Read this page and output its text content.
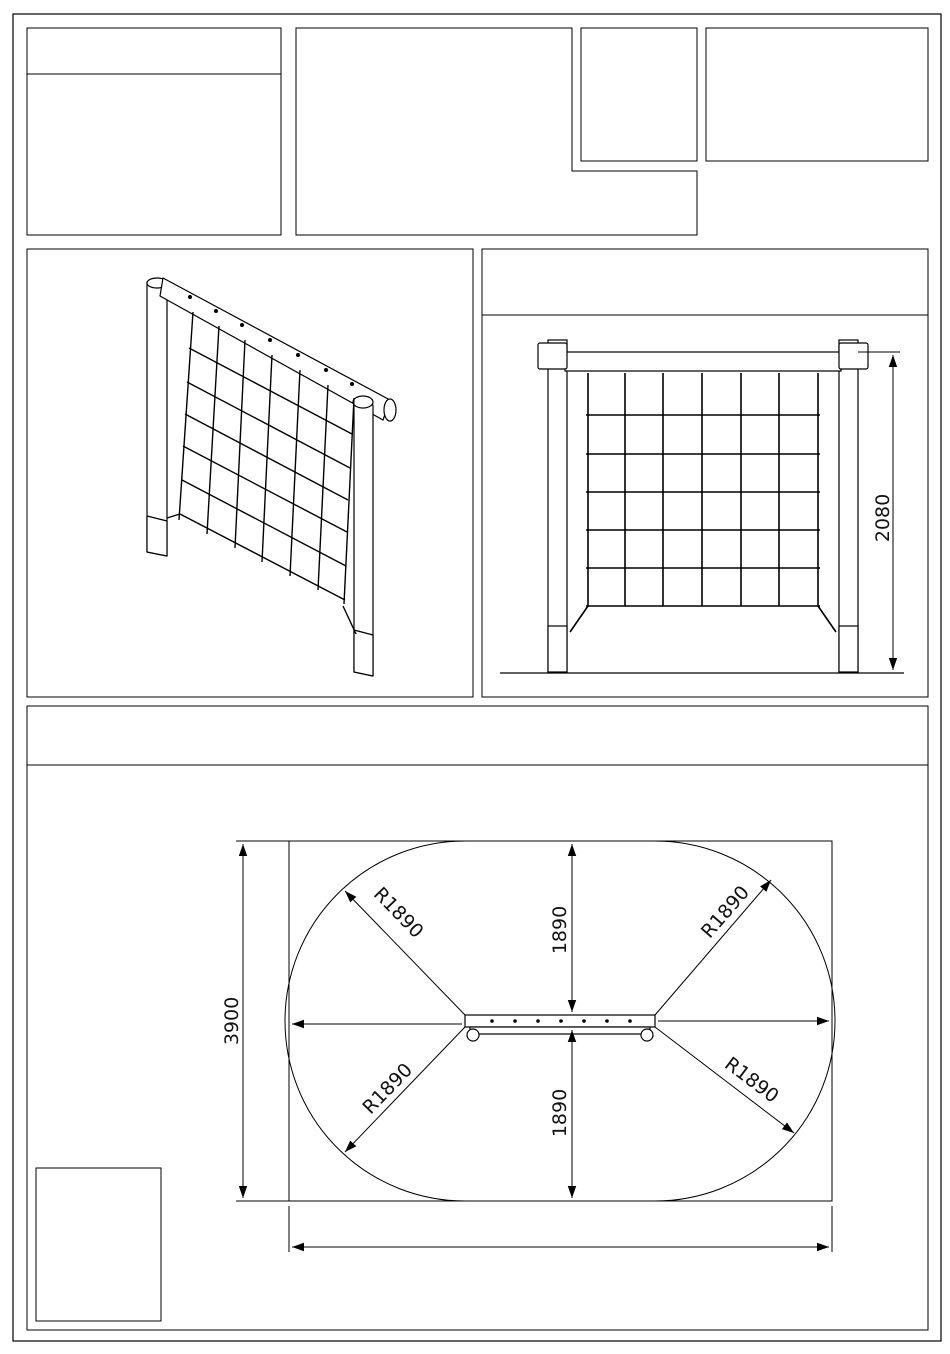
2080
3900
1890
1890
R1890	R1890
R1890	R1890
